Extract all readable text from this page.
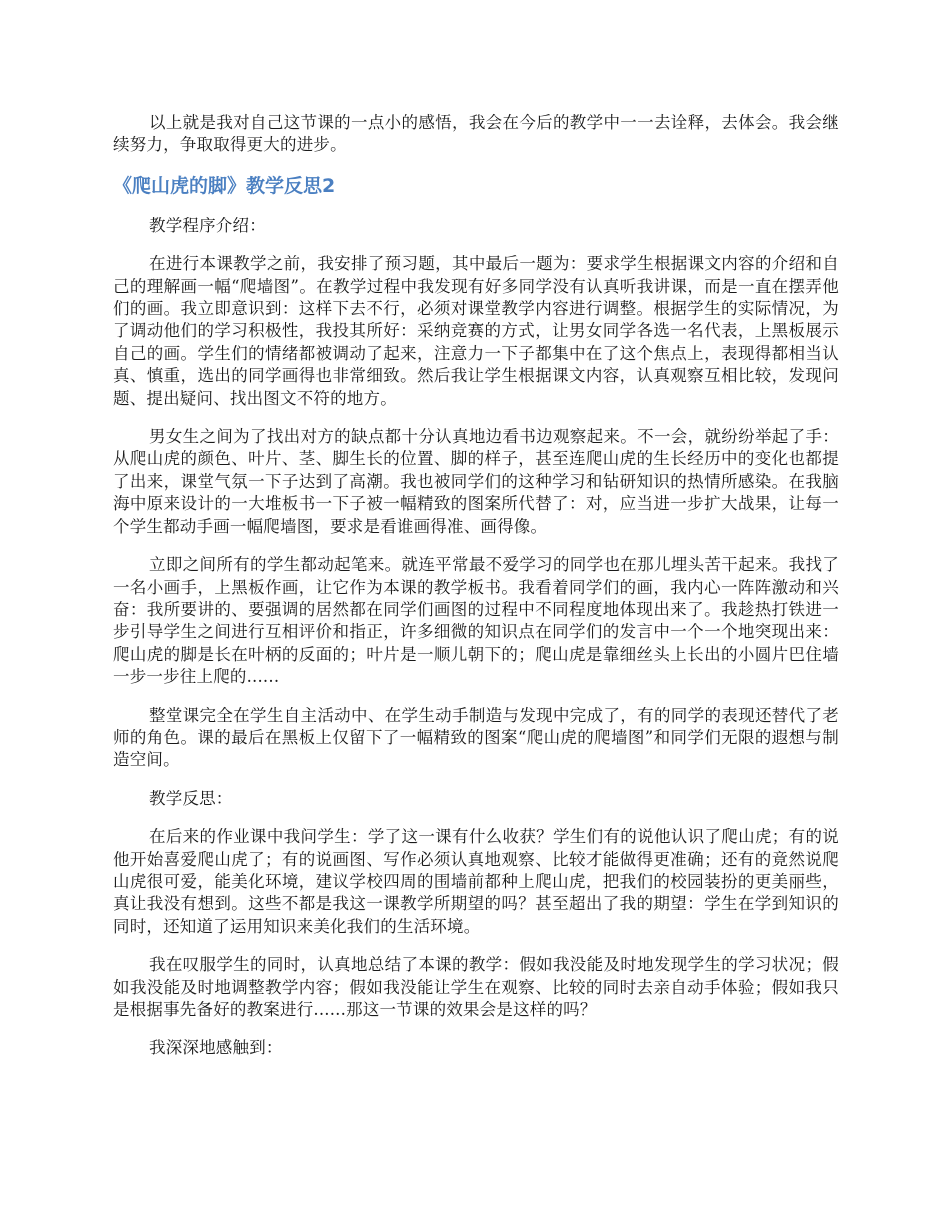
以上就是我对自己这节课的一点小的感悟，我会在今后的教学中一一去诠释，去体会。我会继续努力，争取取得更大的进步。

《爬山虎的脚》教学反思2

教学程序介绍：

在进行本课教学之前，我安排了预习题，其中最后一题为：要求学生根据课文内容的介绍和自己的理解画一幅“爬墙图”。在教学过程中我发现有好多同学没有认真听我讲课，而是一直在摆弄他们的画。我立即意识到：这样下去不行，必须对课堂教学内容进行调整。根据学生的实际情况，为了调动他们的学习积极性，我投其所好：采纳竞赛的方式，让男女同学各选一名代表，上黑板展示自己的画。学生们的情绪都被调动了起来，注意力一下子都集中在了这个焦点上，表现得都相当认真、慎重，选出的同学画得也非常细致。然后我让学生根据课文内容，认真观察互相比较，发现问题、提出疑问、找出图文不符的地方。

男女生之间为了找出对方的缺点都十分认真地边看书边观察起来。不一会，就纷纷举起了手：从爬山虎的颜色、叶片、茎、脚生长的位置、脚的样子，甚至连爬山虎的生长经历中的变化也都提了出来，课堂气氛一下子达到了高潮。我也被同学们的这种学习和钻研知识的热情所感染。在我脑海中原来设计的一大堆板书一下子被一幅精致的图案所代替了：对，应当进一步扩大战果，让每一个学生都动手画一幅爬墙图，要求是看谁画得准、画得像。

立即之间所有的学生都动起笔来。就连平常最不爱学习的同学也在那儿埋头苦干起来。我找了一名小画手，上黑板作画，让它作为本课的教学板书。我看着同学们的画，我内心一阵阵激动和兴奋：我所要讲的、要强调的居然都在同学们画图的过程中不同程度地体现出来了。我趁热打铁进一步引导学生之间进行互相评价和指正，许多细微的知识点在同学们的发言中一个一个地突现出来：爬山虎的脚是长在叶柄的反面的；叶片是一顺儿朝下的；爬山虎是靠细丝头上长出的小圆片巴住墙一步一步往上爬的......

整堂课完全在学生自主活动中、在学生动手制造与发现中完成了，有的同学的表现还替代了老师的角色。课的最后在黑板上仅留下了一幅精致的图案“爬山虎的爬墙图”和同学们无限的遐想与制造空间。

教学反思：

在后来的作业课中我问学生：学了这一课有什么收获？学生们有的说他认识了爬山虎；有的说他开始喜爱爬山虎了；有的说画图、写作必须认真地观察、比较才能做得更准确；还有的竟然说爬山虎很可爱，能美化环境，建议学校四周的围墙前都种上爬山虎，把我们的校园装扮的更美丽些，真让我没有想到。这些不都是我这一课教学所期望的吗？甚至超出了我的期望：学生在学到知识的同时，还知道了运用知识来美化我们的生活环境。

我在叹服学生的同时，认真地总结了本课的教学：假如我没能及时地发现学生的学习状况；假如我没能及时地调整教学内容；假如我没能让学生在观察、比较的同时去亲自动手体验；假如我只是根据事先备好的教案进行......那这一节课的效果会是这样的吗？

我深深地感触到：
